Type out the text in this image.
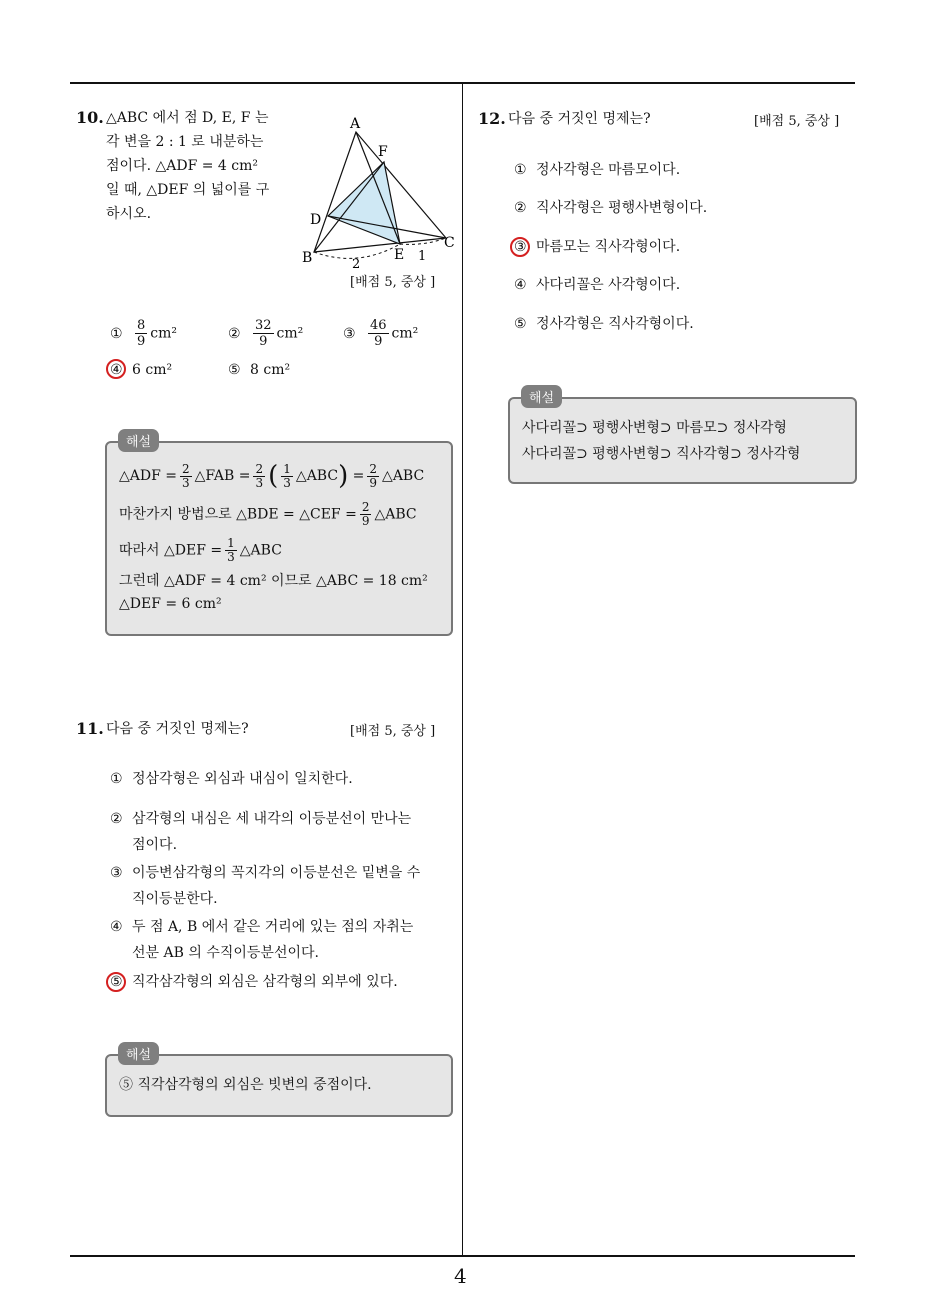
10. △ABC 에서 점 D, E, F 는
각 변을 2 : 1 로 내분하는
점이다. △ADF = 4 cm²
일 때, △DEF 의 넓이를 구
하시오.
A
B
C
D
E
F
2
1
[배점 5, 중상 ]
① $\frac{8}{9} cm^2$	② $\frac{32}{9} cm^2$	③ $\frac{46}{9} cm^2$
④ 6 cm²	⑤ 8 cm²
△ADF = $\frac{2}{3}$ △FAB = $\frac{2}{3}$ ( $\frac{1}{3}$ △ABC) = $\frac{2}{9}$ △ABC
마찬가지 방법으로 △BDE = △CEF = $\frac{2}{9}$ △ABC
따라서 △DEF = $\frac{1}{3}$ △ABC
그런데 △ADF = 4 cm² 이므로 △ABC = 18 cm²
△DEF = 6 cm²
해설
11. 다음 중 거짓인 명제는?	[배점 5, 중상 ]
① 정삼각형은 외심과 내심이 일치한다.
② 삼각형의 내심은 세 내각의 이등분선이 만나는
점이다.
③ 이등변삼각형의 꼭지각의 이등분선은 밑변을 수
직이등분한다.
④ 두 점 A, B 에서 같은 거리에 있는 점의 자취는
선분 AB 의 수직이등분선이다.
⑤ 직각삼각형의 외심은 삼각형의 외부에 있다.
⑤ 직각삼각형의 외심은 빗변의 중점이다.
해설
12. 다음 중 거짓인 명제는?	[배점 5, 중상 ]
① 정사각형은 마름모이다.
② 직사각형은 평행사변형이다.
③ 마름모는 직사각형이다.
④ 사다리꼴은 사각형이다.
⑤ 정사각형은 직사각형이다.
사다리꼴⊃ 평행사변형⊃ 마름모⊃ 정사각형
사다리꼴⊃ 평행사변형⊃ 직사각형⊃ 정사각형
해설
4
